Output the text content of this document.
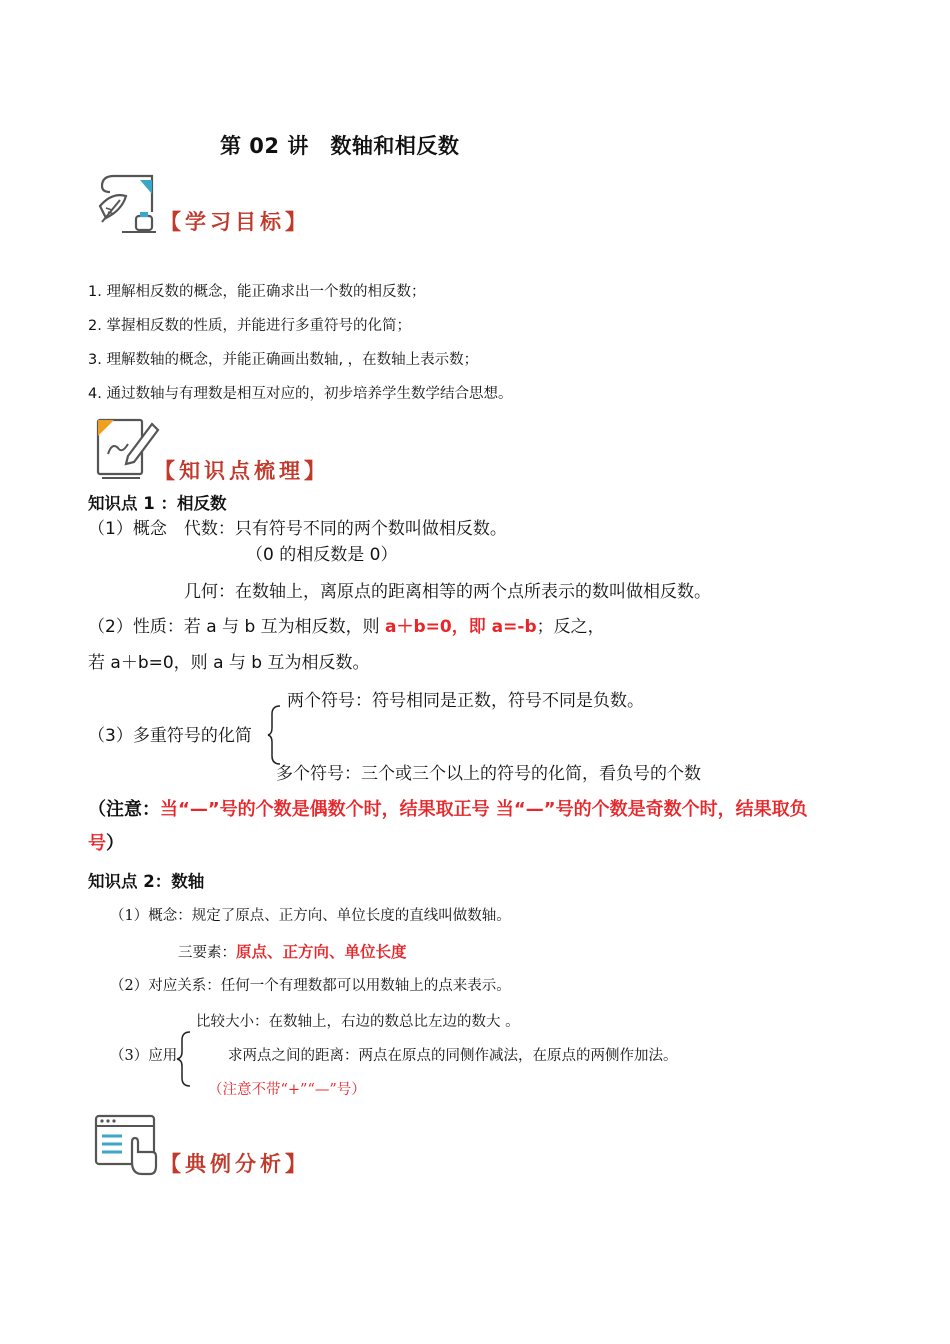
第 02 讲　数轴和相反数
【学习目标】
1. 理解相反数的概念，能正确求出一个数的相反数；
2. 掌握相反数的性质，并能进行多重符号的化简；
3. 理解数轴的概念，并能正确画出数轴, ，在数轴上表示数；
4. 通过数轴与有理数是相互对应的，初步培养学生数学结合思想。
【知识点梳理】
知识点 1 ：相反数
（1）概念　代数：只有符号不同的两个数叫做相反数。
（0 的相反数是 0）
几何：在数轴上，离原点的距离相等的两个点所表示的数叫做相反数。
（2）性质：若 a 与 b 互为相反数，则 a＋b=0，即 a=-b；反之，
若 a＋b=0，则 a 与 b 互为相反数。
两个符号：符号相同是正数，符号不同是负数。
（3）多重符号的化简
多个符号：三个或三个以上的符号的化简，看负号的个数
（注意：当“—”号的个数是偶数个时，结果取正号 当“—”号的个数是奇数个时，结果取负
号）
知识点 2：数轴
（1）概念：规定了原点、正方向、单位长度的直线叫做数轴。
三要素：原点、正方向、单位长度
（2）对应关系：任何一个有理数都可以用数轴上的点来表示。
比较大小：在数轴上，右边的数总比左边的数大 。
（3）应用	求两点之间的距离：两点在原点的同侧作减法，在原点的两侧作加法。
（注意不带“+”“—”号）
【典例分析】
